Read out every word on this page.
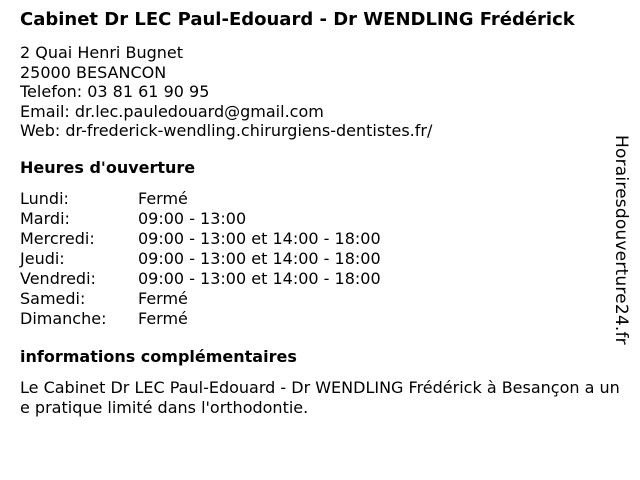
Cabinet Dr LEC Paul-Edouard - Dr WENDLING Frédérick
2 Quai Henri Bugnet
25000 BESANCON
Telefon: 03 81 61 90 95
Email: dr.lec.pauledouard@gmail.com
Web: dr-frederick-wendling.chirurgiens-dentistes.fr/
Heures d'ouverture
Lundi:	Fermé
Mardi:	09:00 - 13:00
Mercredi:	09:00 - 13:00 et 14:00 - 18:00
Jeudi:	09:00 - 13:00 et 14:00 - 18:00
Vendredi:	09:00 - 13:00 et 14:00 - 18:00
Samedi:	Fermé
Dimanche:	Fermé
informations complémentaires
Le Cabinet Dr LEC Paul-Edouard - Dr WENDLING Frédérick à Besançon a une pratique limité dans l'orthodontie.
Horairesdouverture24.fr
